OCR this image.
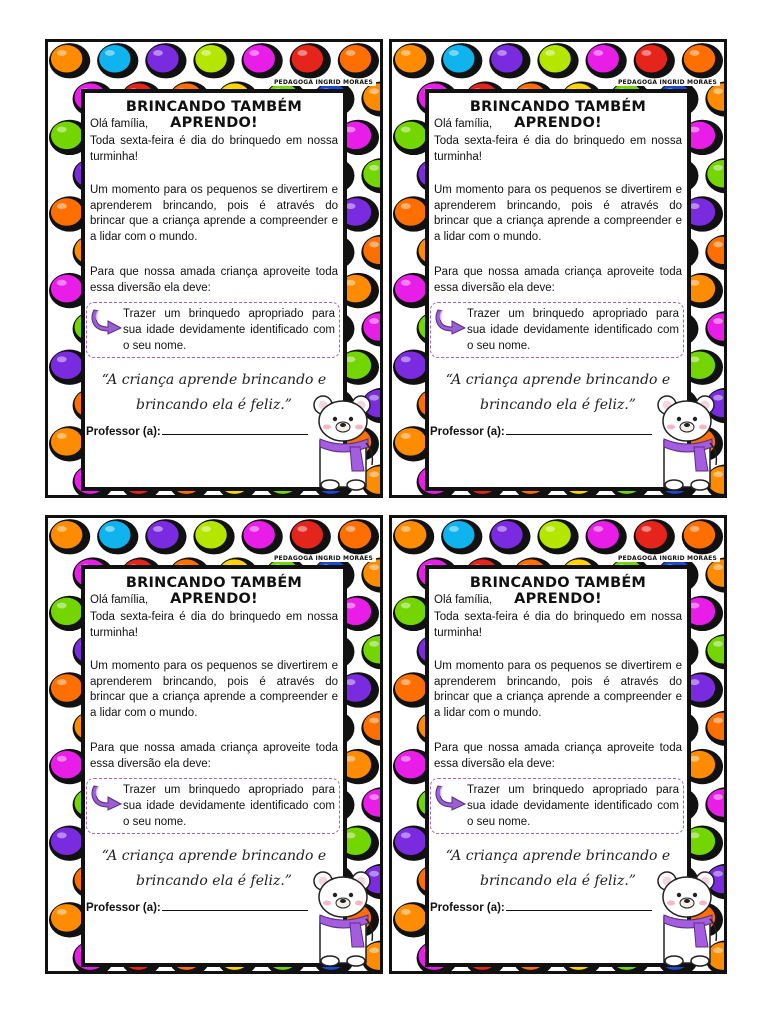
PEDAGOGA INGRID MORAES
BRINCANDO TAMBÉM APRENDO!
Olá família,
Toda sexta-feira é dia do brinquedo em nossa turminha!
Um momento para os pequenos se divertirem e aprenderem brincando, pois é através do brincar que a criança aprende a compreender e a lidar com o mundo.
Para que nossa amada criança aproveite toda essa diversão ela deve:
Trazer um brinquedo apropriado para sua idade devidamente identificado com o seu nome.
“A criança aprende brincando e
brincando ela é feliz.”
Professor (a):
PEDAGOGA INGRID MORAES
BRINCANDO TAMBÉM APRENDO!
Olá família,
Toda sexta-feira é dia do brinquedo em nossa turminha!
Um momento para os pequenos se divertirem e aprenderem brincando, pois é através do brincar que a criança aprende a compreender e a lidar com o mundo.
Para que nossa amada criança aproveite toda essa diversão ela deve:
Trazer um brinquedo apropriado para sua idade devidamente identificado com o seu nome.
“A criança aprende brincando e
brincando ela é feliz.”
Professor (a):
PEDAGOGA INGRID MORAES
BRINCANDO TAMBÉM APRENDO!
Olá família,
Toda sexta-feira é dia do brinquedo em nossa turminha!
Um momento para os pequenos se divertirem e aprenderem brincando, pois é através do brincar que a criança aprende a compreender e a lidar com o mundo.
Para que nossa amada criança aproveite toda essa diversão ela deve:
Trazer um brinquedo apropriado para sua idade devidamente identificado com o seu nome.
“A criança aprende brincando e
brincando ela é feliz.”
Professor (a):
PEDAGOGA INGRID MORAES
BRINCANDO TAMBÉM APRENDO!
Olá família,
Toda sexta-feira é dia do brinquedo em nossa turminha!
Um momento para os pequenos se divertirem e aprenderem brincando, pois é através do brincar que a criança aprende a compreender e a lidar com o mundo.
Para que nossa amada criança aproveite toda essa diversão ela deve:
Trazer um brinquedo apropriado para sua idade devidamente identificado com o seu nome.
“A criança aprende brincando e
brincando ela é feliz.”
Professor (a):
